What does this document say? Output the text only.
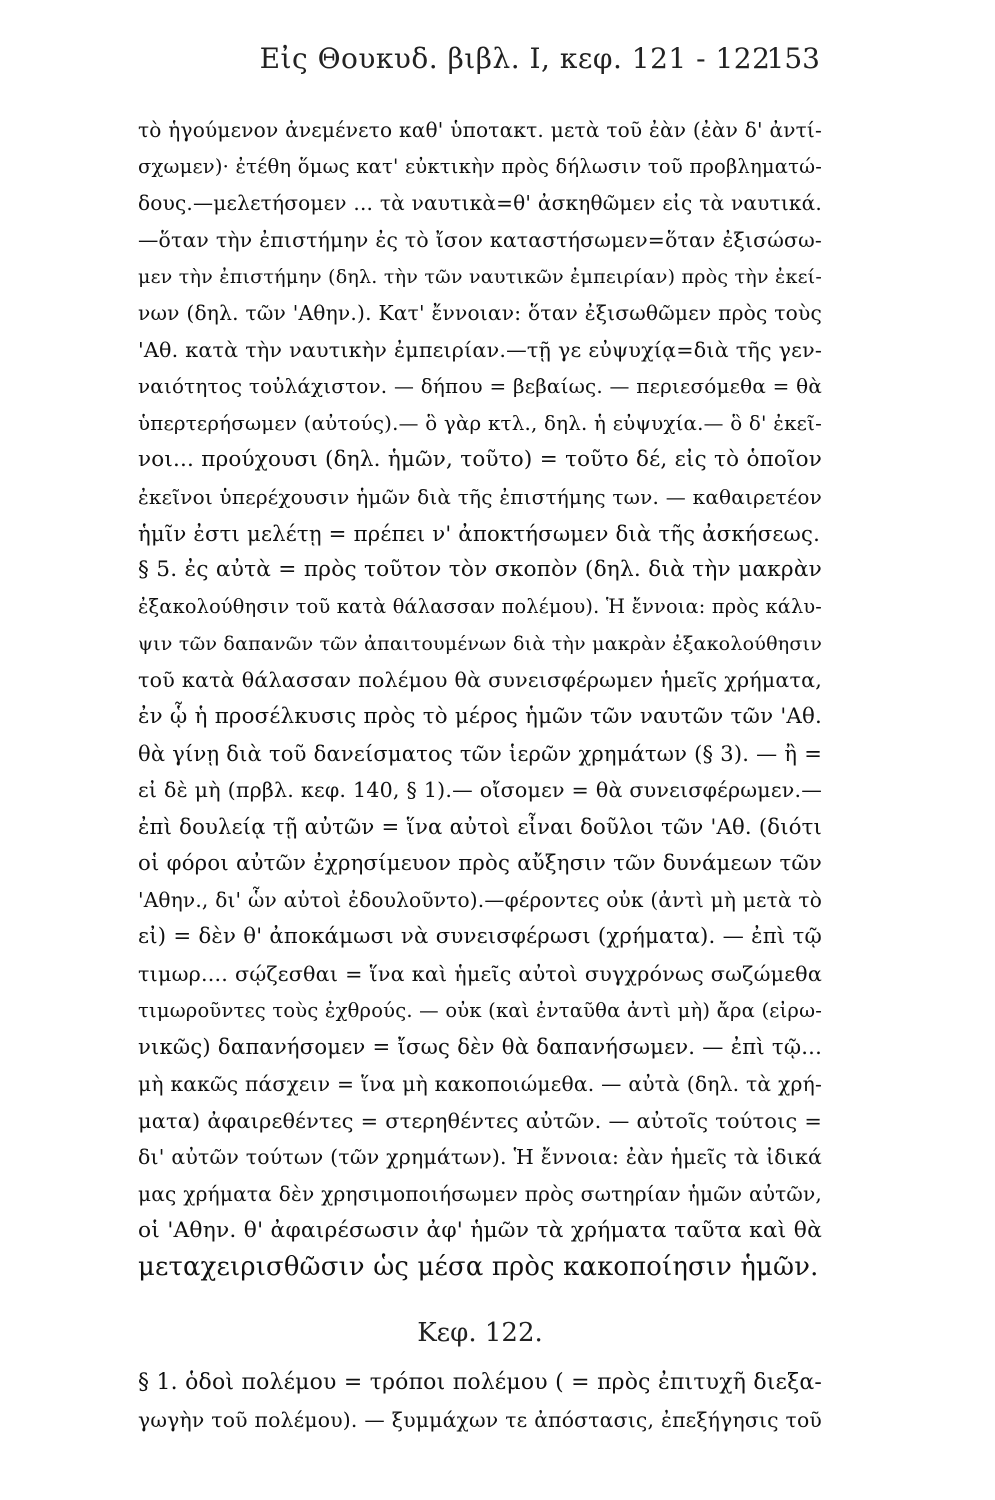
Εἰς Θουκυδ. βιβλ. I, κεφ. 121 - 122
153
τὸ ἡγούμενον ἀνεμένετο καθ' ὑποτακτ. μετὰ τοῦ ἐὰν (ἐὰν δ' ἀντί-
σχωμεν)· ἐτέθη ὅμως κατ' εὐκτικὴν πρὸς δήλωσιν τοῦ προβληματώ-
δους.—μελετήσομεν ... τὰ ναυτικὰ=θ' ἀσκηθῶμεν εἰς τὰ ναυτικά.
—ὅταν τὴν ἐπιστήμην ἐς τὸ ἴσον καταστήσωμεν=ὅταν ἐξισώσω-
μεν τὴν ἐπιστήμην (δηλ. τὴν τῶν ναυτικῶν ἐμπειρίαν) πρὸς τὴν ἐκεί-
νων (δηλ. τῶν 'Αθην.). Κατ' ἔννοιαν: ὅταν ἐξισωθῶμεν πρὸς τοὺς
'Αθ. κατὰ τὴν ναυτικὴν ἐμπειρίαν.—τῇ γε εὐψυχίᾳ=διὰ τῆς γεν-
ναιότητος τοὐλάχιστον. — δήπου = βεβαίως. — περιεσόμεθα = θὰ
ὑπερτερήσωμεν (αὐτούς).— ὃ γὰρ κτλ., δηλ. ἡ εὐψυχία.— ὃ δ' ἐκεῖ-
νοι... προύχουσι (δηλ. ἡμῶν, τοῦτο) = τοῦτο δέ, εἰς τὸ ὁποῖον
ἐκεῖνοι ὑπερέχουσιν ἡμῶν διὰ τῆς ἐπιστήμης των. — καθαιρετέον
ἡμῖν ἐστι μελέτῃ = πρέπει ν' ἀποκτήσωμεν διὰ τῆς ἀσκήσεως.
§ 5. ἐς αὐτὰ = πρὸς τοῦτον τὸν σκοπὸν (δηλ. διὰ τὴν μακρὰν
ἐξακολούθησιν τοῦ κατὰ θάλασσαν πολέμου). Ἡ ἔννοια: πρὸς κάλυ-
ψιν τῶν δαπανῶν τῶν ἀπαιτουμένων διὰ τὴν μακρὰν ἐξακολούθησιν
τοῦ κατὰ θάλασσαν πολέμου θὰ συνεισφέρωμεν ἡμεῖς χρήματα,
ἐν ᾧ ἡ προσέλκυσις πρὸς τὸ μέρος ἡμῶν τῶν ναυτῶν τῶν 'Αθ.
θὰ γίνῃ διὰ τοῦ δανείσματος τῶν ἱερῶν χρημάτων (§ 3). — ἢ =
εἰ δὲ μὴ (πρβλ. κεφ. 140, § 1).— οἴσομεν = θὰ συνεισφέρωμεν.—
ἐπὶ δουλείᾳ τῇ αὐτῶν = ἵνα αὐτοὶ εἶναι δοῦλοι τῶν 'Αθ. (διότι
οἱ φόροι αὐτῶν ἐχρησίμευον πρὸς αὔξησιν τῶν δυνάμεων τῶν
'Αθην., δι' ὧν αὐτοὶ ἐδουλοῦντο).—φέροντες οὐκ (ἀντὶ μὴ μετὰ τὸ
εἰ) = δὲν θ' ἀποκάμωσι νὰ συνεισφέρωσι (χρήματα). — ἐπὶ τῷ
τιμωρ.... σῴζεσθαι = ἵνα καὶ ἡμεῖς αὐτοὶ συγχρόνως σωζώμεθα
τιμωροῦντες τοὺς ἐχθρούς. — οὐκ (καὶ ἐνταῦθα ἀντὶ μὴ) ἄρα (εἰρω-
νικῶς) δαπανήσομεν = ἴσως δὲν θὰ δαπανήσωμεν. — ἐπὶ τῷ...
μὴ κακῶς πάσχειν = ἵνα μὴ κακοποιώμεθα. — αὐτὰ (δηλ. τὰ χρή-
ματα) ἀφαιρεθέντες = στερηθέντες αὐτῶν. — αὐτοῖς τούτοις =
δι' αὐτῶν τούτων (τῶν χρημάτων). Ἡ ἔννοια: ἐὰν ἡμεῖς τὰ ἰδικά
μας χρήματα δὲν χρησιμοποιήσωμεν πρὸς σωτηρίαν ἡμῶν αὐτῶν,
οἱ 'Αθην. θ' ἀφαιρέσωσιν ἀφ' ἡμῶν τὰ χρήματα ταῦτα καὶ θὰ
μεταχειρισθῶσιν ὡς μέσα πρὸς κακοποίησιν ἡμῶν.
Κεφ. 122.
§ 1. ὁδοὶ πολέμου = τρόποι πολέμου ( = πρὸς ἐπιτυχῆ διεξα-
γωγὴν τοῦ πολέμου). — ξυμμάχων τε ἀπόστασις, ἐπεξήγησις τοῦ
